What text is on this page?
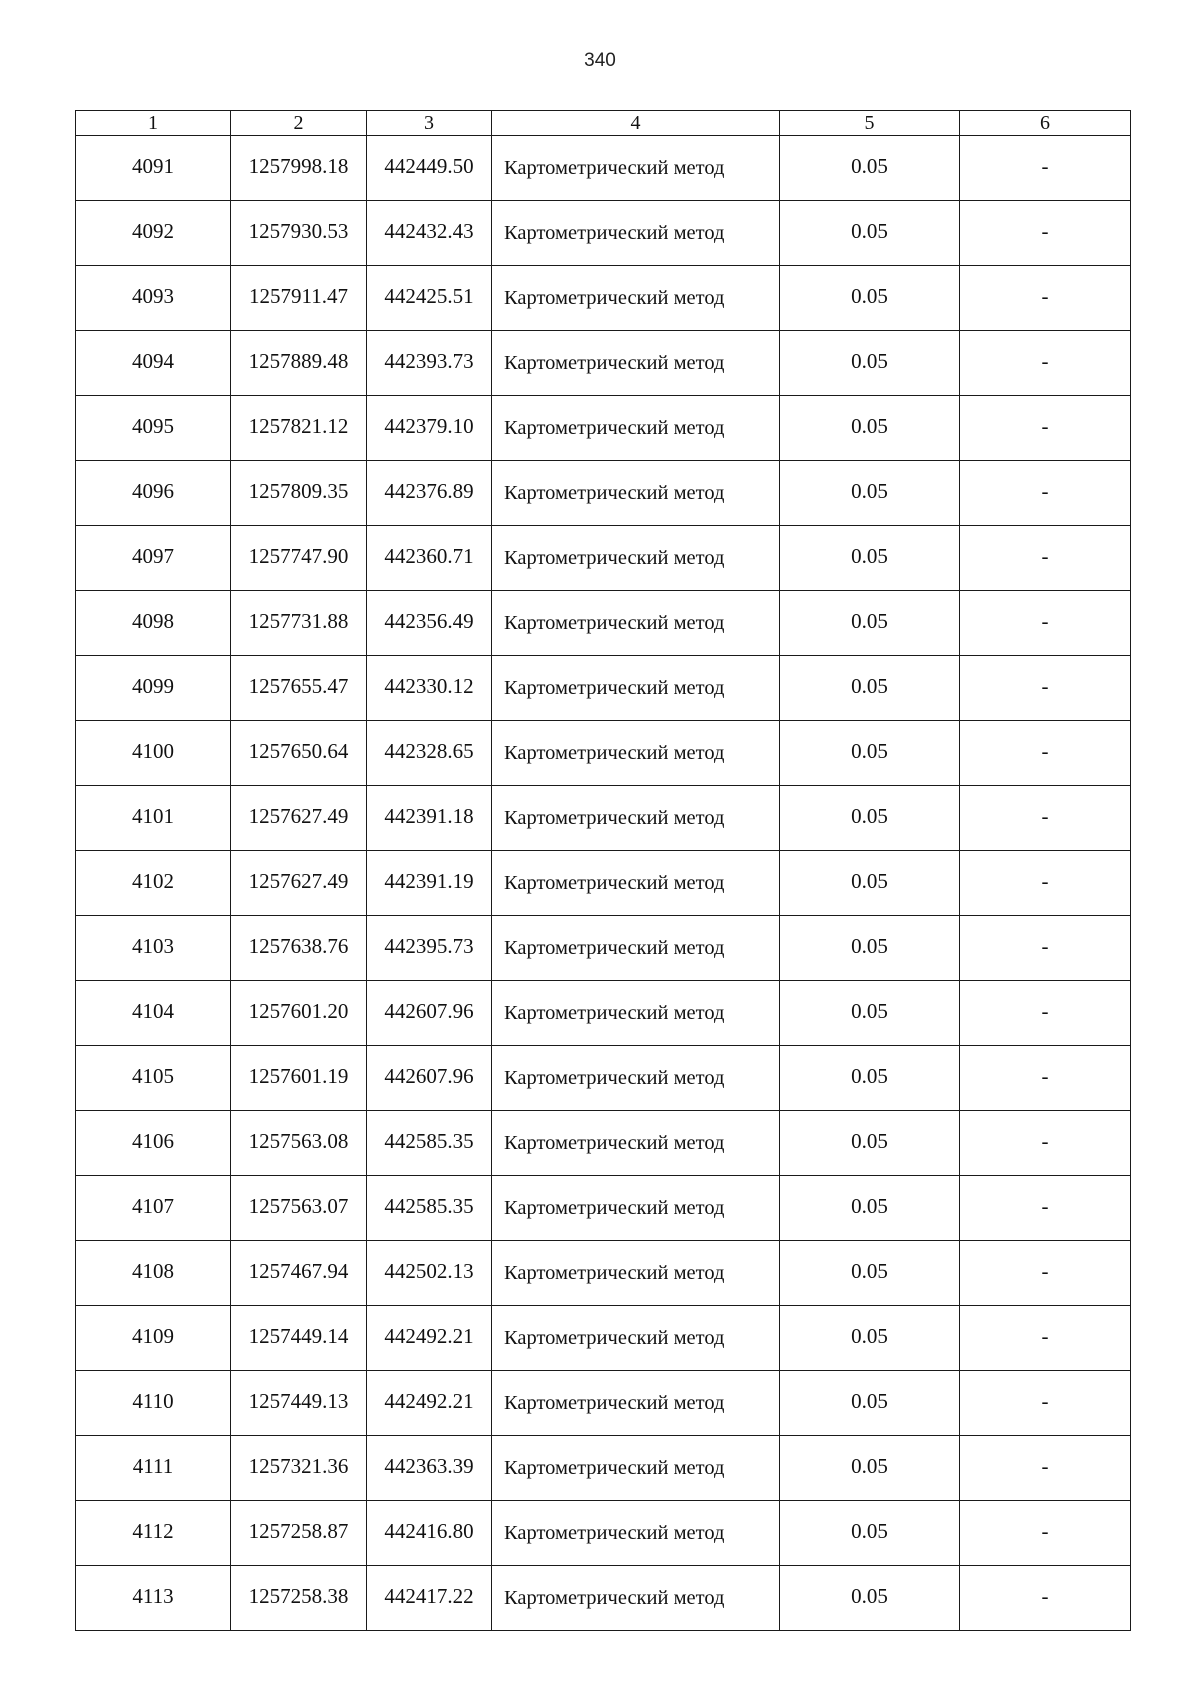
340
1	2	3	4	5	6
4091	1257998.18	442449.50	Картометрический метод	0.05	-
4092	1257930.53	442432.43	Картометрический метод	0.05	-
4093	1257911.47	442425.51	Картометрический метод	0.05	-
4094	1257889.48	442393.73	Картометрический метод	0.05	-
4095	1257821.12	442379.10	Картометрический метод	0.05	-
4096	1257809.35	442376.89	Картометрический метод	0.05	-
4097	1257747.90	442360.71	Картометрический метод	0.05	-
4098	1257731.88	442356.49	Картометрический метод	0.05	-
4099	1257655.47	442330.12	Картометрический метод	0.05	-
4100	1257650.64	442328.65	Картометрический метод	0.05	-
4101	1257627.49	442391.18	Картометрический метод	0.05	-
4102	1257627.49	442391.19	Картометрический метод	0.05	-
4103	1257638.76	442395.73	Картометрический метод	0.05	-
4104	1257601.20	442607.96	Картометрический метод	0.05	-
4105	1257601.19	442607.96	Картометрический метод	0.05	-
4106	1257563.08	442585.35	Картометрический метод	0.05	-
4107	1257563.07	442585.35	Картометрический метод	0.05	-
4108	1257467.94	442502.13	Картометрический метод	0.05	-
4109	1257449.14	442492.21	Картометрический метод	0.05	-
4110	1257449.13	442492.21	Картометрический метод	0.05	-
4111	1257321.36	442363.39	Картометрический метод	0.05	-
4112	1257258.87	442416.80	Картометрический метод	0.05	-
4113	1257258.38	442417.22	Картометрический метод	0.05	-
